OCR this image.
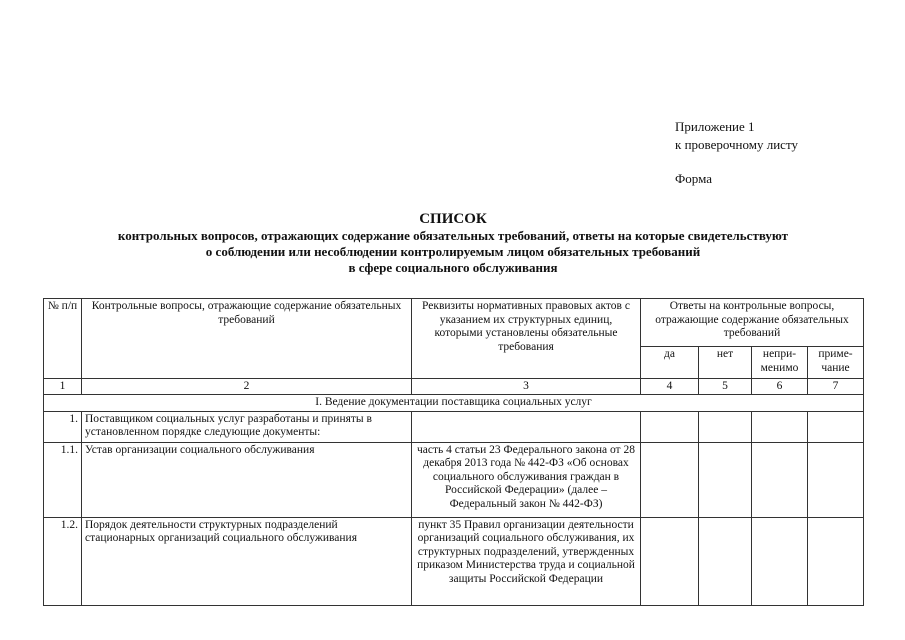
Приложение 1
к проверочному листу
Форма
СПИСОК
контрольных вопросов, отражающих содержание обязательных требований, ответы на которые свидетельствуют
о соблюдении или несоблюдении контролируемым лицом обязательных требований
в сфере социального обслуживания
№ п/п	Контрольные вопросы, отражающие содержание обязательных требований	Реквизиты нормативных правовых актов с указанием их структурных единиц, которыми установлены обязательные требования	Ответы на контрольные вопросы, отражающие содержание обязательных требований			
			да	нет	непри-менимо	приме-чание
1	2	3	4	5	6	7
I. Ведение документации поставщика социальных услуг						
1.	Поставщиком социальных услуг разработаны и приняты в установленном порядке следующие документы:					
1.1.	Устав организации социального обслуживания	часть 4 статьи 23 Федерального закона от 28 декабря 2013 года № 442-ФЗ «Об основах социального обслуживания граждан в Российской Федерации» (далее – Федеральный закон № 442-ФЗ)				
1.2.	Порядок деятельности структурных подразделений стационарных организаций социального обслуживания	пункт 35 Правил организации деятельности организаций социального обслуживания, их структурных подразделений, утвержденных приказом Министерства труда и социальной защиты Российской Федерации				
